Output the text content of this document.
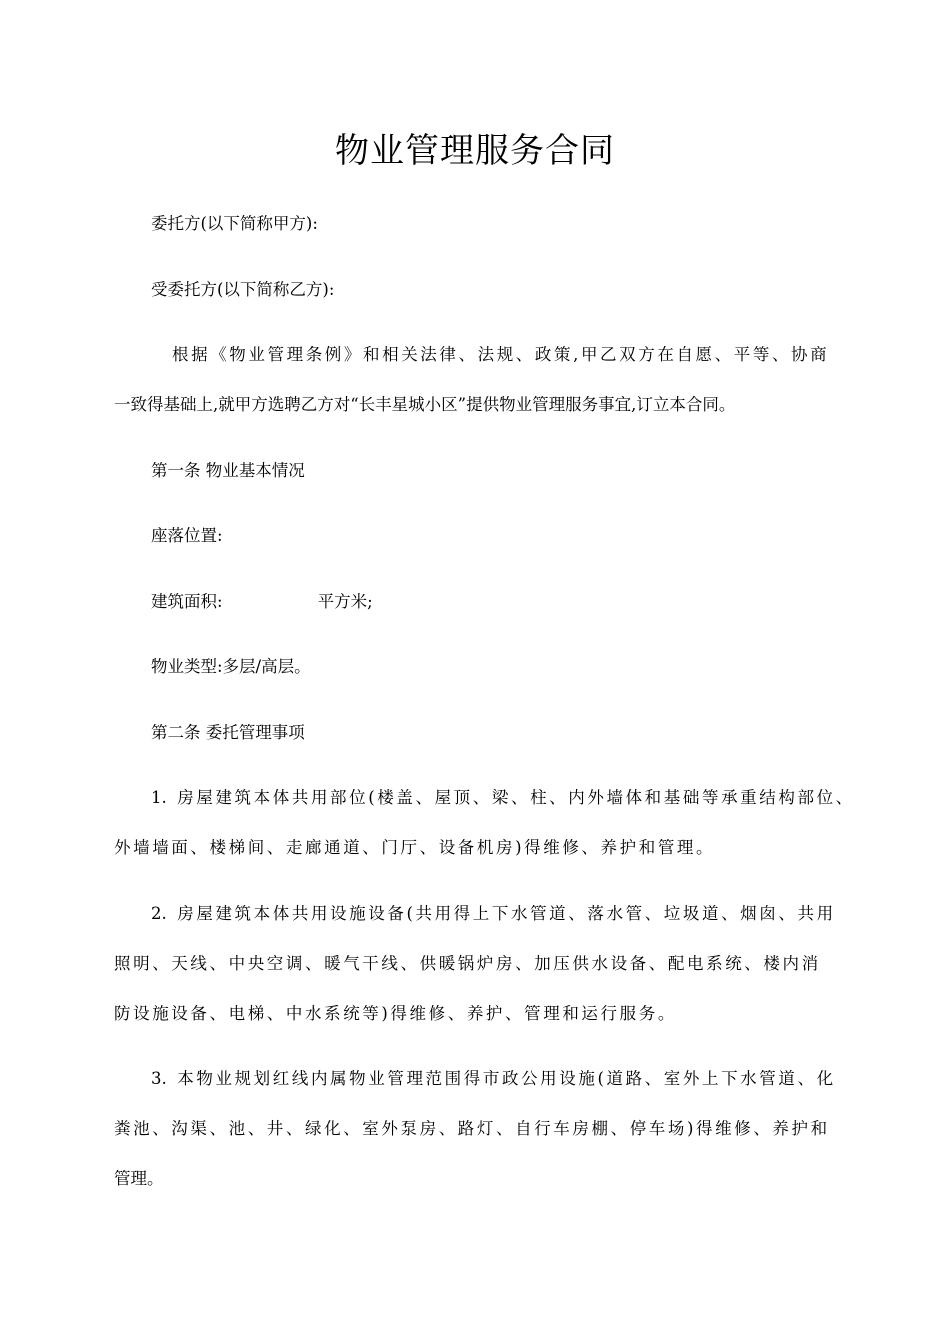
物业管理服务合同
委托方(以下简称甲方):
受委托方(以下简称乙方):
根据《物业管理条例》和相关法律、法规、政策,甲乙双方在自愿、平等、协商
一致得基础上,就甲方选聘乙方对“长丰星城小区”提供物业管理服务事宜,订立本合同。
第一条 物业基本情况
座落位置:
建筑面积:	平方米;
物业类型:多层/高层。
第二条 委托管理事项
1. 房屋建筑本体共用部位(楼盖、屋顶、梁、柱、内外墙体和基础等承重结构部位、
外墙墙面、楼梯间、走廊通道、门厅、设备机房)得维修、养护和管理。
2. 房屋建筑本体共用设施设备(共用得上下水管道、落水管、垃圾道、烟囱、共用
照明、天线、中央空调、暖气干线、供暖锅炉房、加压供水设备、配电系统、楼内消
防设施设备、电梯、中水系统等)得维修、养护、管理和运行服务。
3. 本物业规划红线内属物业管理范围得市政公用设施(道路、室外上下水管道、化
粪池、沟渠、池、井、绿化、室外泵房、路灯、自行车房棚、停车场)得维修、养护和
管理。
